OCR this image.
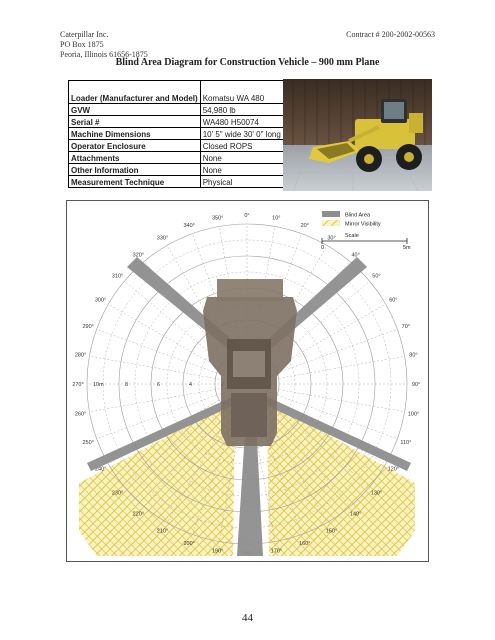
Caterpillar Inc.
PO Box 1875
Peoria, Illinois 61656-1875
Contract # 200-2002-00563
Blind Area Diagram for Construction Vehicle – 900 mm Plane
Loader (Manufacturer and Model)	Komatsu WA 480
GVW	54,980 lb
Serial #	WA480 H50074
Machine Dimensions	10' 5" wide 30' 0" long
Operator Enclosure	Closed ROPS
Attachments	None
Other Information	None
Measurement Technique	Physical
0°	10°
20°
30°
40°
50°
60°
70°
80°
90°
100°
110°
120°
130°
140°
150°
160°
170°
190°
200°
210°
220°
230°
240°
250°
260°
270°
280°
290°
300°
310°
320°
330°
340°
350°
10m	8	6	4
Blind Area
Mirror Visibility
Scale
0	5m
44
